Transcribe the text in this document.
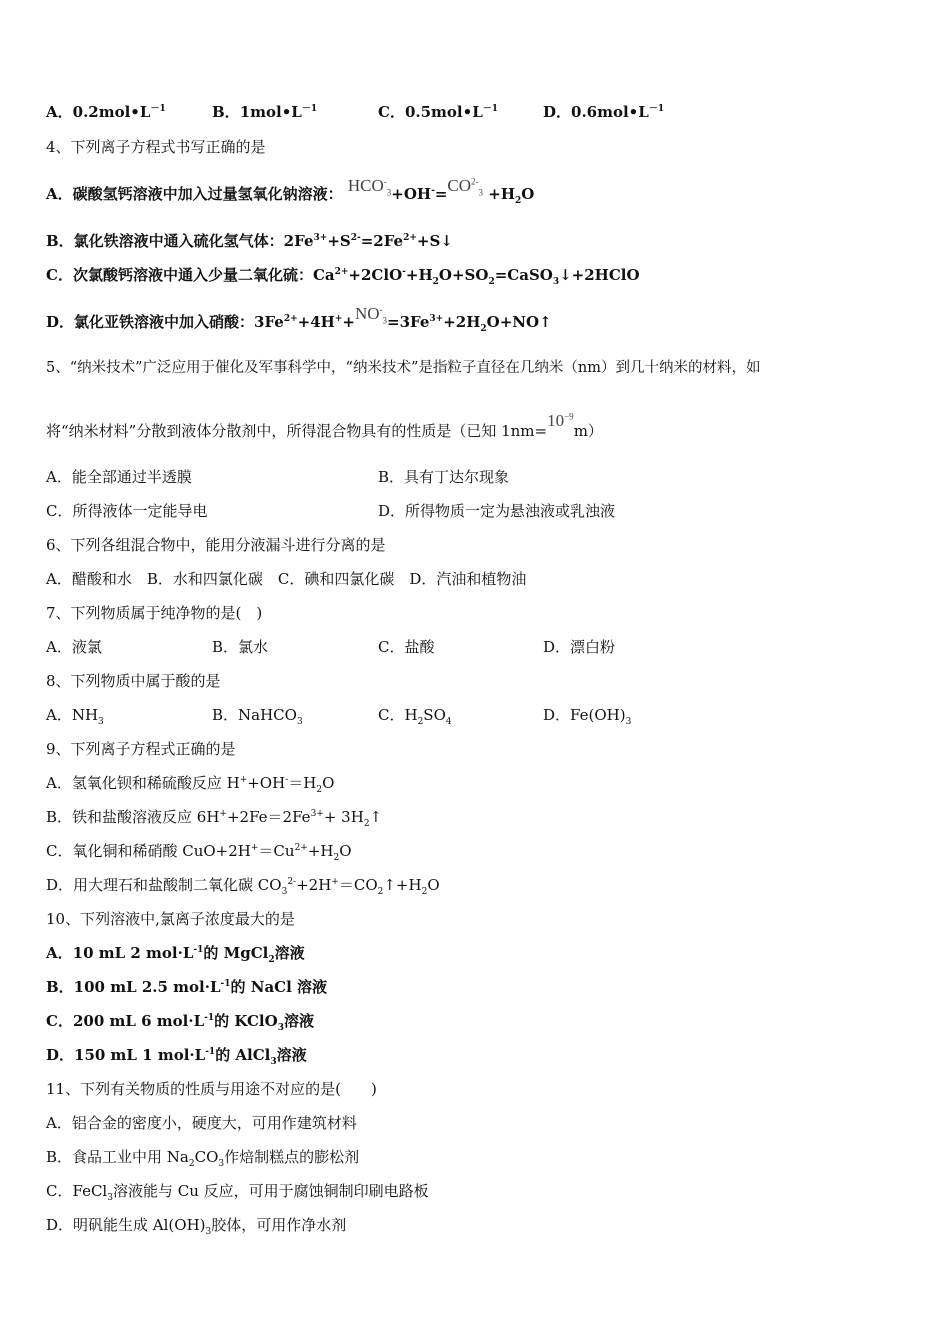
A．$0.2mol•L^{-1}$	B．$1mol•L^{-1}$	C．$0.5mol•L^{-1}$	D．$0.6mol•L^{-1}$
4、下列离子方程式书写正确的是
A．碳酸氢钙溶液中加入过量氢氧化钠溶液： $HCO^-_3+OH^-=CO^{2-}_3 +H_2O$
B．氯化铁溶液中通入硫化氢气体：$2Fe^{3+}+S^{2-}=2Fe^{2+}+S↓$
C．次氯酸钙溶液中通入少量二氧化硫：$Ca^{2+}+2ClO^-+H_2O+SO_2=CaSO_3↓+2HClO$
D．氯化亚铁溶液中加入硝酸：$3Fe^{2+}+4H^++NO^-_3=3Fe^{3+}+2H_2O+NO↑$
5、“纳米技术”广泛应用于催化及军事科学中，“纳米技术”是指粒子直径在几纳米（nm）到几十纳米的材料，如
将“纳米材料”分散到液体分散剂中，所得混合物具有的性质是（已知 $1nm=10^{-9}m$）
A．能全部通过半透膜	B．具有丁达尔现象
C．所得液体一定能导电	D．所得物质一定为悬浊液或乳浊液
6、下列各组混合物中，能用分液漏斗进行分离的是
A．醋酸和水　B．水和四氯化碳　C．碘和四氯化碳　D．汽油和植物油
7、下列物质属于纯净物的是(　)
A．液氯	B．氯水	C．盐酸	D．漂白粉
8、下列物质中属于酸的是
A．$NH_3$	B．NaHCO$_3$	C．$H_2SO_4$	D．$Fe(OH)_3$
9、下列离子方程式正确的是
A．氢氧化钡和稀硫酸反应 $H^++OH^-=H_2O$
B．铁和盐酸溶液反应 $6H^++2Fe=2Fe^{3+}+$ $3H_2↑$
C．氧化铜和稀硝酸 $CuO+2H^+=Cu^{2+}+H_2O$
D．用大理石和盐酸制二氧化碳 $CO_3^{2-}+2H^+=CO_2↑+H_2O$
10、下列溶液中,氯离子浓度最大的是
A．10 mL 2 $mol\cdot L^{-1}$的 MgCl$_2$溶液
B．100 mL 2.5 $mol\cdot L^{-1}$的 NaCl 溶液
C．200 mL 6 $mol\cdot L^{-1}$的 KClO$_3$溶液
D．150 mL 1 $mol\cdot L^{-1}$的 AlCl$_3$溶液
11、下列有关物质的性质与用途不对应的是(　　)
A．铝合金的密度小，硬度大，可用作建筑材料
B．食品工业中用 $Na_2CO_3$作焙制糕点的膨松剂
C．FeCl$_3$溶液能与 Cu 反应，可用于腐蚀铜制印刷电路板
D．明矾能生成 $Al(OH)_3$胶体，可用作净水剂
